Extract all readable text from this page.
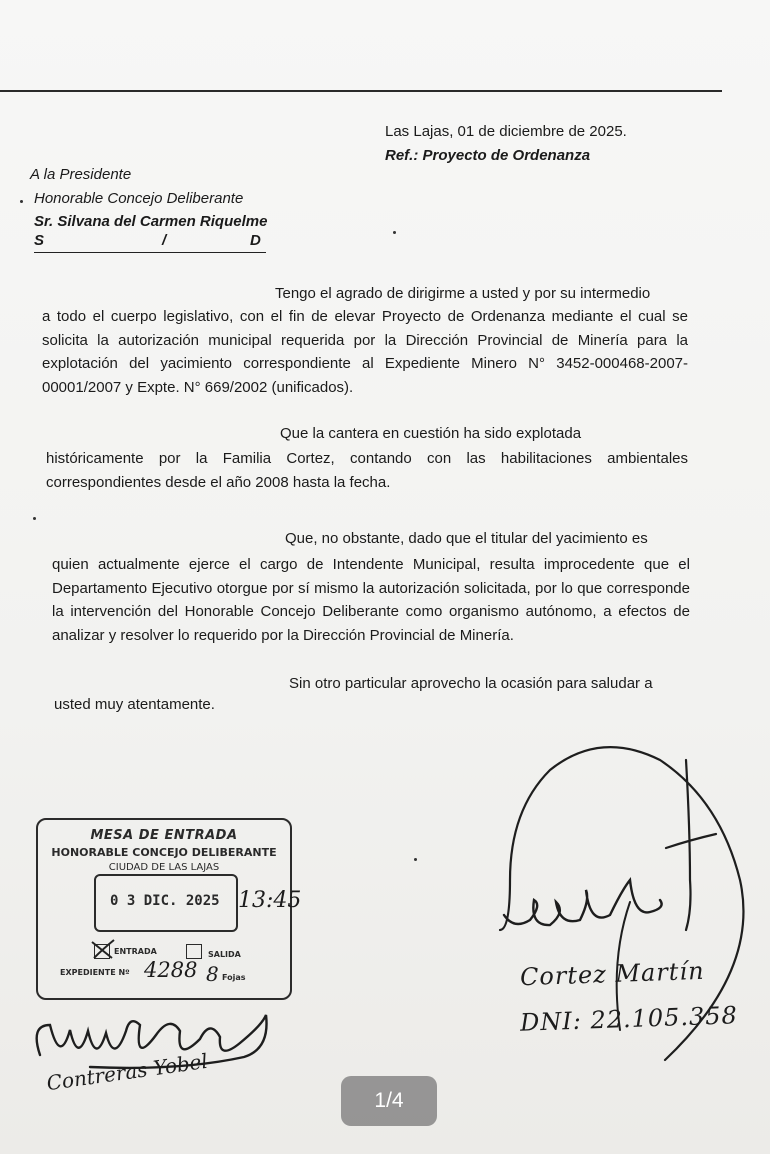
Las Lajas, 01 de diciembre de 2025.
Ref.: Proyecto de Ordenanza
A la Presidente
Honorable Concejo Deliberante
Sr. Silvana del Carmen Riquelme
S	/	D
Tengo el agrado de dirigirme a usted y por su intermedio
a todo el cuerpo legislativo, con el fin de elevar Proyecto de Ordenanza mediante el cual se solicita la autorización municipal requerida por la Dirección Provincial de Minería para la explotación del yacimiento correspondiente al Expediente Minero N° 3452-000468-2007-00001/2007 y Expte. N° 669/2002 (unificados).
Que la cantera en cuestión ha sido explotada
históricamente por la Familia Cortez, contando con las habilitaciones ambientales correspondientes desde el año 2008 hasta la fecha.
Que, no obstante, dado que el titular del yacimiento es
quien actualmente ejerce el cargo de Intendente Municipal, resulta improcedente que el Departamento Ejecutivo otorgue por sí mismo la autorización solicitada, por lo que corresponde la intervención del Honorable Concejo Deliberante como organismo autónomo, a efectos de analizar y resolver lo requerido por la Dirección Provincial de Minería.
Sin otro particular aprovecho la ocasión para saludar a
usted muy atentamente.
MESA DE ENTRADA
HONORABLE CONCEJO DELIBERANTE
CIUDAD DE LAS LAJAS
0 3 DIC. 2025 13:45
ENTRADA	SALIDA
EXPEDIENTE Nº 4288 8 Fojas
Contreras Yobel
Cortez Martín
DNI: 22.105.358
1/4
